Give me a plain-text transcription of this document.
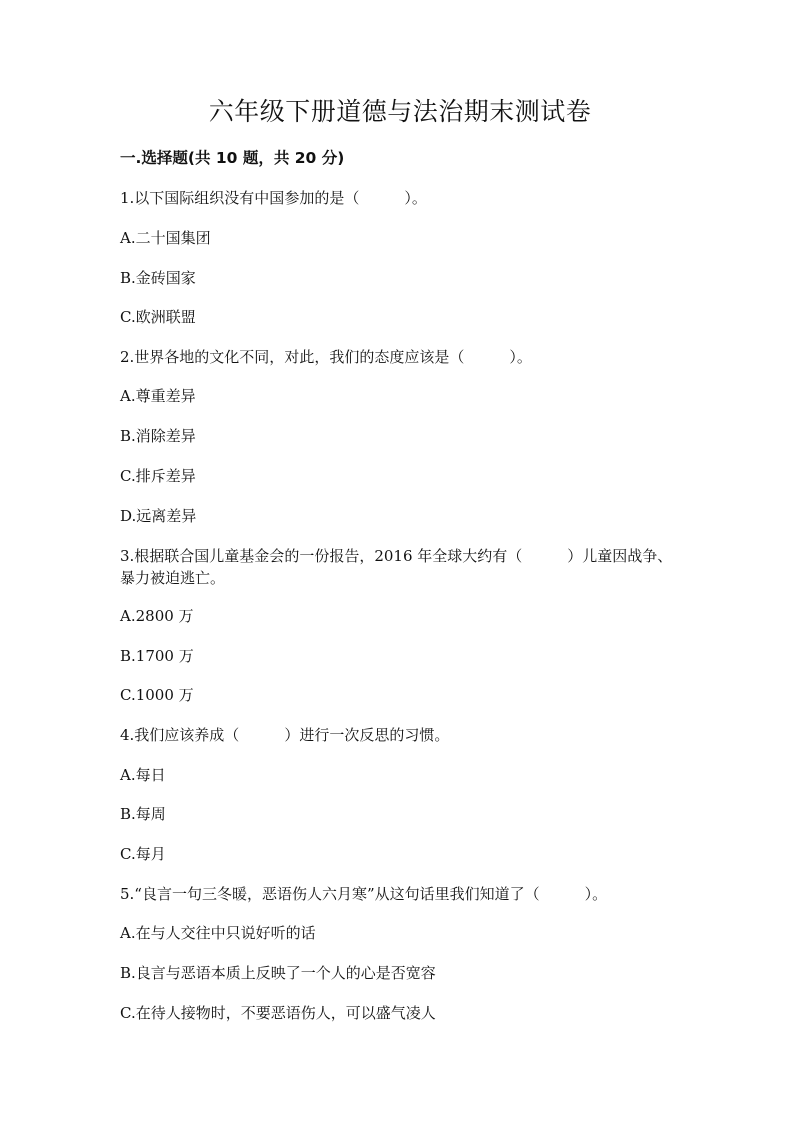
六年级下册道德与法治期末测试卷
一.选择题(共 10 题，共 20 分)
1.以下国际组织没有中国参加的是（　　　）。
A.二十国集团
B.金砖国家
C.欧洲联盟
2.世界各地的文化不同，对此，我们的态度应该是（　　　）。
A.尊重差异
B.消除差异
C.排斥差异
D.远离差异
3.根据联合国儿童基金会的一份报告，2016 年全球大约有（　　　）儿童因战争、暴力被迫逃亡。
A.2800 万
B.1700 万
C.1000 万
4.我们应该养成（　　　）进行一次反思的习惯。
A.每日
B.每周
C.每月
5.“良言一句三冬暖，恶语伤人六月寒”从这句话里我们知道了（　　　）。
A.在与人交往中只说好听的话
B.良言与恶语本质上反映了一个人的心是否宽容
C.在待人接物时，不要恶语伤人，可以盛气凌人
